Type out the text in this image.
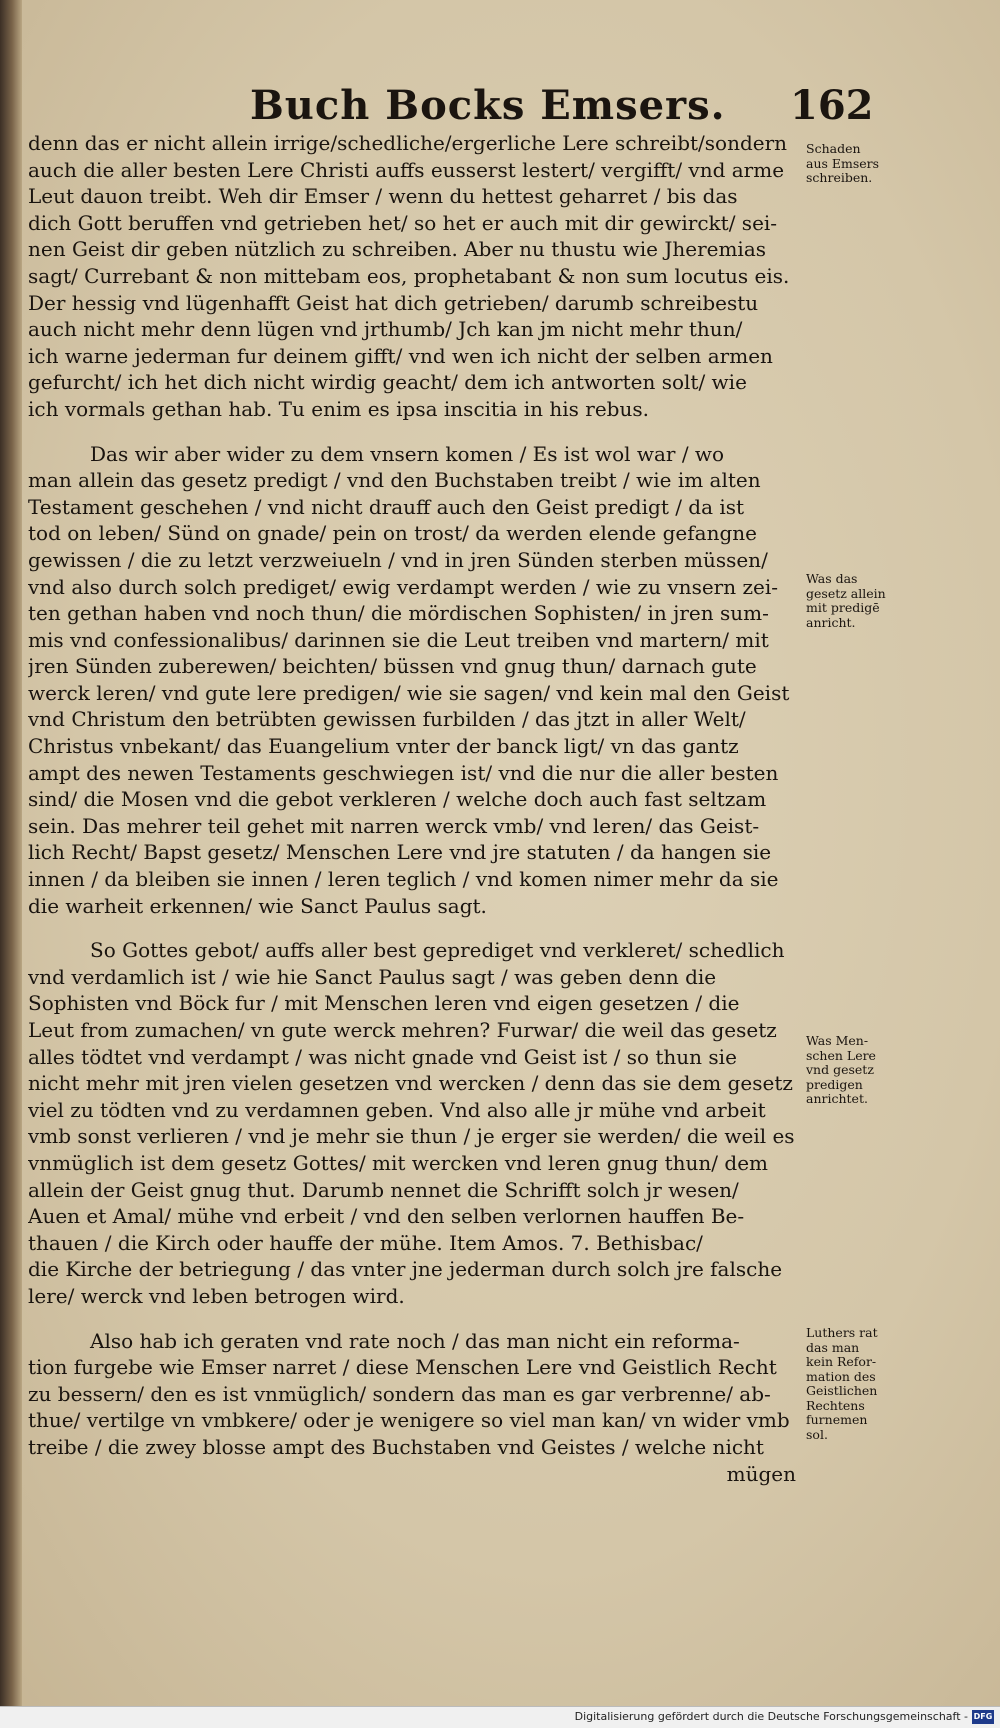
Buch Bocks Emsers. 162

denn das er nicht allein irrige/schedliche/ergerliche Lere schreibt/sondern
auch die aller besten Lere Christi auffs eusserst lestert/ vergifft/ vnd arme
Leut dauon treibt. Weh dir Emser / wenn du hettest geharret / bis das
dich Gott beruffen vnd getrieben het/ so het er auch mit dir gewirckt/ sei-
nen Geist dir geben nützlich zu schreiben. Aber nu thustu wie Jheremias
sagt/ Currebant & non mittebam eos, prophetabant & non sum locutus eis.
Der hessig vnd lügenhafft Geist hat dich getrieben/ darumb schreibestu
auch nicht mehr denn lügen vnd jrthumb/ Jch kan jm nicht mehr thun/
ich warne jederman fur deinem gifft/ vnd wen ich nicht der selben armen
gefurcht/ ich het dich nicht wirdig geacht/ dem ich antworten solt/ wie
ich vormals gethan hab. Tu enim es ipsa inscitia in his rebus.

Das wir aber wider zu dem vnsern komen / Es ist wol war / wo
man allein das gesetz predigt / vnd den Buchstaben treibt / wie im alten
Testament geschehen / vnd nicht drauff auch den Geist predigt / da ist
tod on leben/ Sünd on gnade/ pein on trost/ da werden elende gefangne
gewissen / die zu letzt verzweiueln / vnd in jren Sünden sterben müssen/
vnd also durch solch prediget/ ewig verdampt werden / wie zu vnsern zei-
ten gethan haben vnd noch thun/ die mördischen Sophisten/ in jren sum-
mis vnd confessionalibus/ darinnen sie die Leut treiben vnd martern/ mit
jren Sünden zuberewen/ beichten/ büssen vnd gnug thun/ darnach gute
werck leren/ vnd gute lere predigen/ wie sie sagen/ vnd kein mal den Geist
vnd Christum den betrübten gewissen furbilden / das jtzt in aller Welt/
Christus vnbekant/ das Euangelium vnter der banck ligt/ vn das gantz
ampt des newen Testaments geschwiegen ist/ vnd die nur die aller besten
sind/ die Mosen vnd die gebot verkleren / welche doch auch fast seltzam
sein. Das mehrer teil gehet mit narren werck vmb/ vnd leren/ das Geist-
lich Recht/ Bapst gesetz/ Menschen Lere vnd jre statuten / da hangen sie
innen / da bleiben sie innen / leren teglich / vnd komen nimer mehr da sie
die warheit erkennen/ wie Sanct Paulus sagt.

So Gottes gebot/ auffs aller best geprediget vnd verkleret/ schedlich
vnd verdamlich ist / wie hie Sanct Paulus sagt / was geben denn die
Sophisten vnd Böck fur / mit Menschen leren vnd eigen gesetzen / die
Leut from zumachen/ vn gute werck mehren? Furwar/ die weil das gesetz
alles tödtet vnd verdampt / was nicht gnade vnd Geist ist / so thun sie
nicht mehr mit jren vielen gesetzen vnd wercken / denn das sie dem gesetz
viel zu tödten vnd zu verdamnen geben. Vnd also alle jr mühe vnd arbeit
vmb sonst verlieren / vnd je mehr sie thun / je erger sie werden/ die weil es
vnmüglich ist dem gesetz Gottes/ mit wercken vnd leren gnug thun/ dem
allein der Geist gnug thut. Darumb nennet die Schrifft solch jr wesen/
Auen et Amal/ mühe vnd erbeit / vnd den selben verlornen hauffen Be-
thauen / die Kirch oder hauffe der mühe. Item Amos. 7. Bethisbac/
die Kirche der betriegung / das vnter jne jederman durch solch jre falsche
lere/ werck vnd leben betrogen wird.

Also hab ich geraten vnd rate noch / das man nicht ein reforma-
tion furgebe wie Emser narret / diese Menschen Lere vnd Geistlich Recht
zu bessern/ den es ist vnmüglich/ sondern das man es gar verbrenne/ ab-
thue/ vertilge vn vmbkere/ oder je wenigere so viel man kan/ vn wider vmb
treibe / die zwey blosse ampt des Buchstaben vnd Geistes / welche nicht
mügen

Schaden
aus Emsers
schreiben.
Was das
gesetz allein
mit predigē
anricht.
Was Men-
schen Lere
vnd gesetz
predigen
anrichtet.
Luthers rat
das man
kein Refor-
mation des
Geistlichen
Rechtens
furnemen
sol.
Digitalisierung gefördert durch die Deutsche Forschungsgemeinschaft - DFG
